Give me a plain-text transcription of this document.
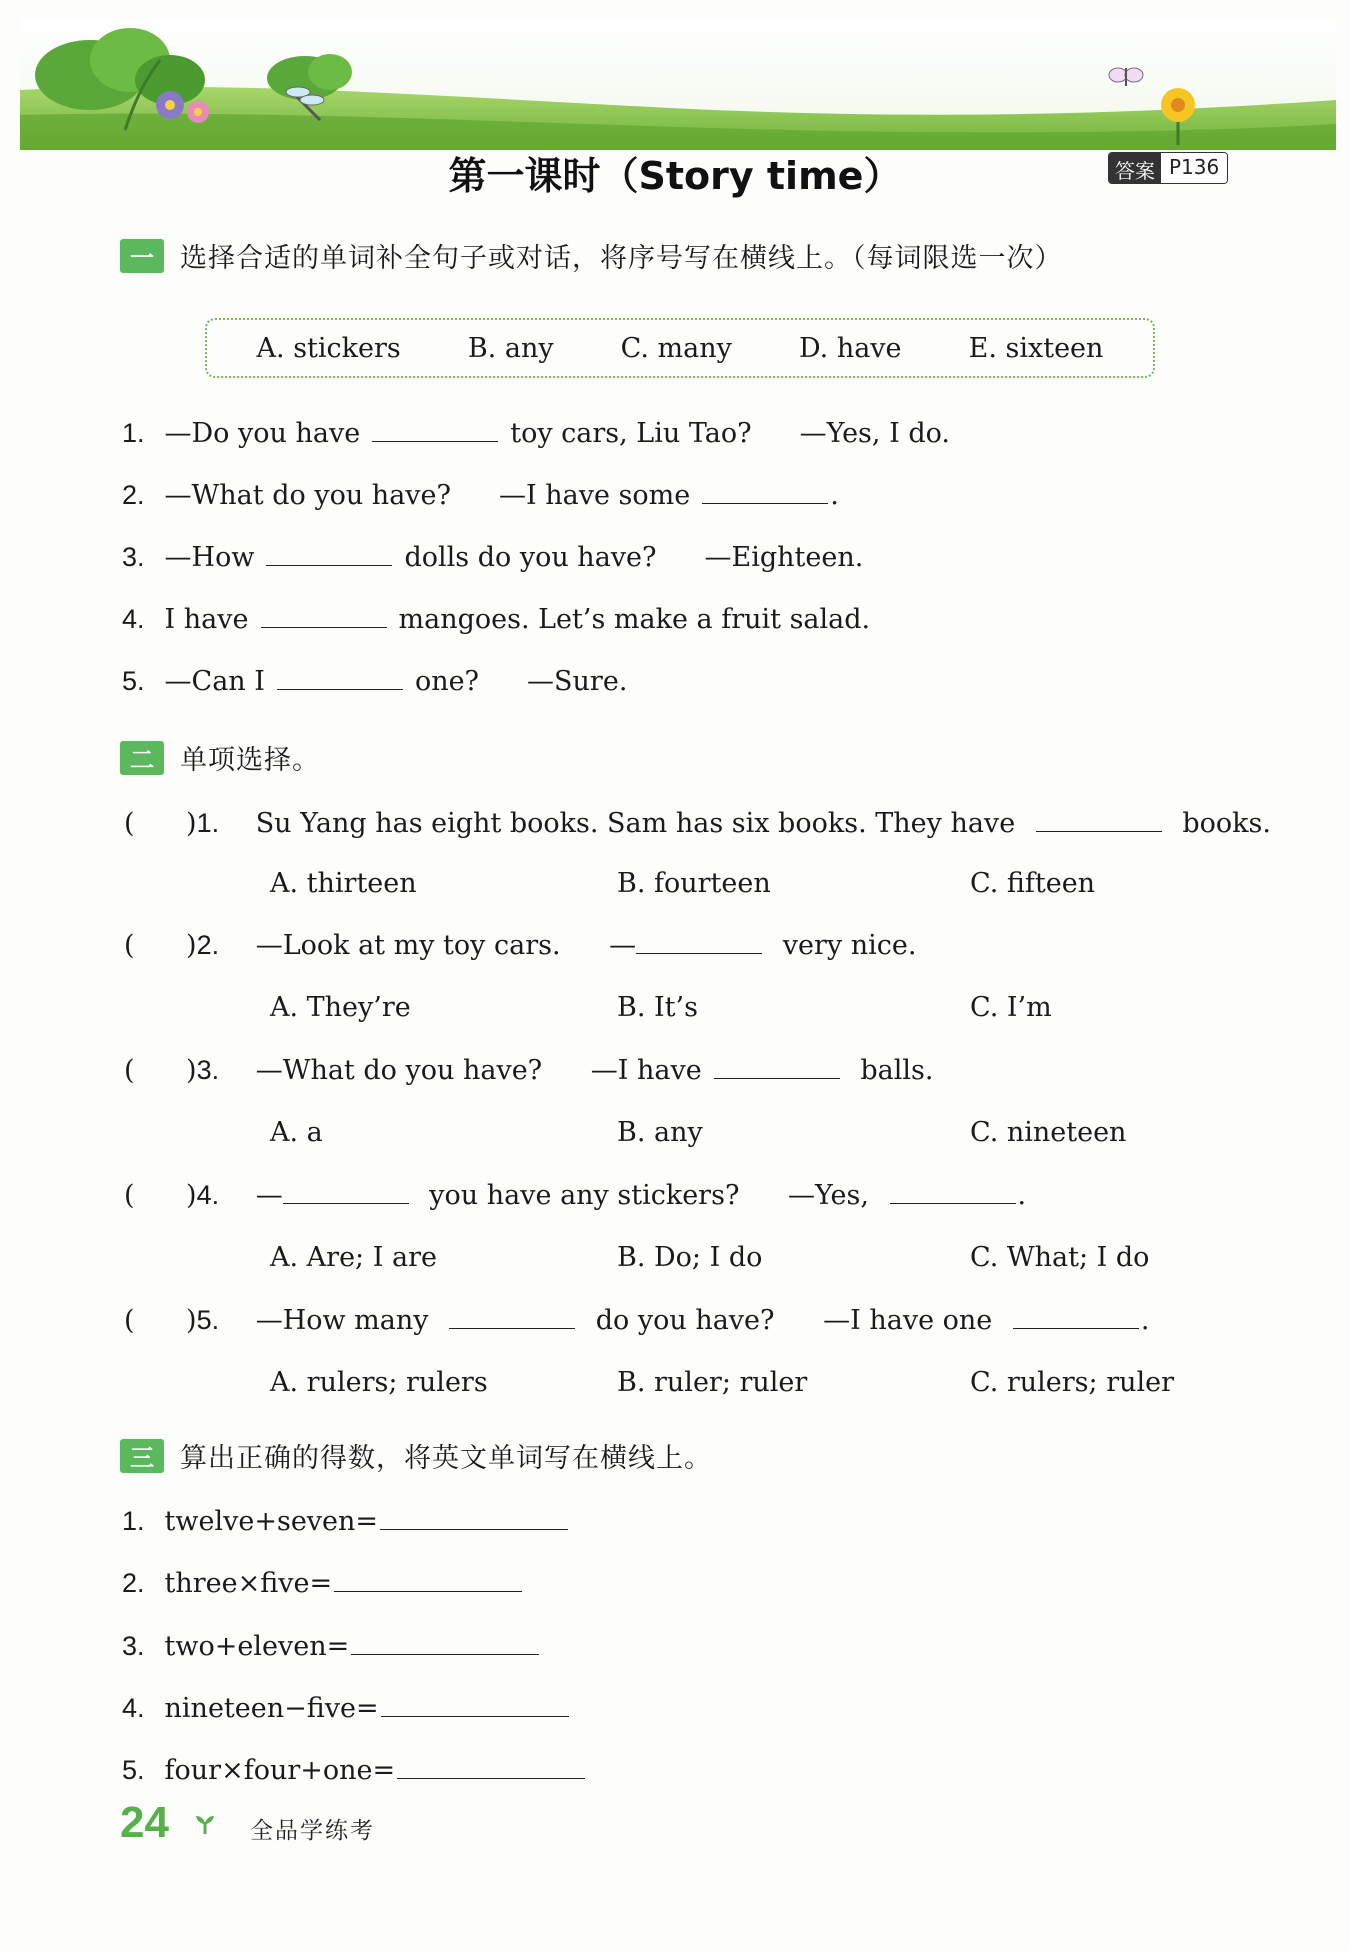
第一课时（Story time）	答案 P136
一 选择合适的单词补全句子或对话，将序号写在横线上。（每词限选一次）
A. stickers B. any C. many D. have E. sixteen
1. —Do you have	toy cars, Liu Tao? —Yes, I do.
2. —What do you have? —I have some	.
3. —How	dolls do you have? —Eighteen.
4. I have	mangoes. Let’s make a fruit salad.
5. —Can I	one? —Sure.
二 单项选择。
(      )1. Su Yang has eight books. Sam has six books. They have	books.
A. thirteen	B. fourteen	C. fifteen
(      )2. —Look at my toy cars. —	very nice.
A. They’re	B. It’s	C. I’m
(      )3. —What do you have? —I have	balls.
A. a	B. any	C. nineteen
(      )4. —	you have any stickers? —Yes,	.
A. Are; I are	B. Do; I do	C. What; I do
(      )5. —How many	do you have? —I have one	.
A. rulers; rulers	B. ruler; ruler	C. rulers; ruler
三 算出正确的得数，将英文单词写在横线上。
1. twelve+seven=
2. three×five=
3. two+eleven=
4. nineteen−five=
5. four×four+one=
24	全品学练考
